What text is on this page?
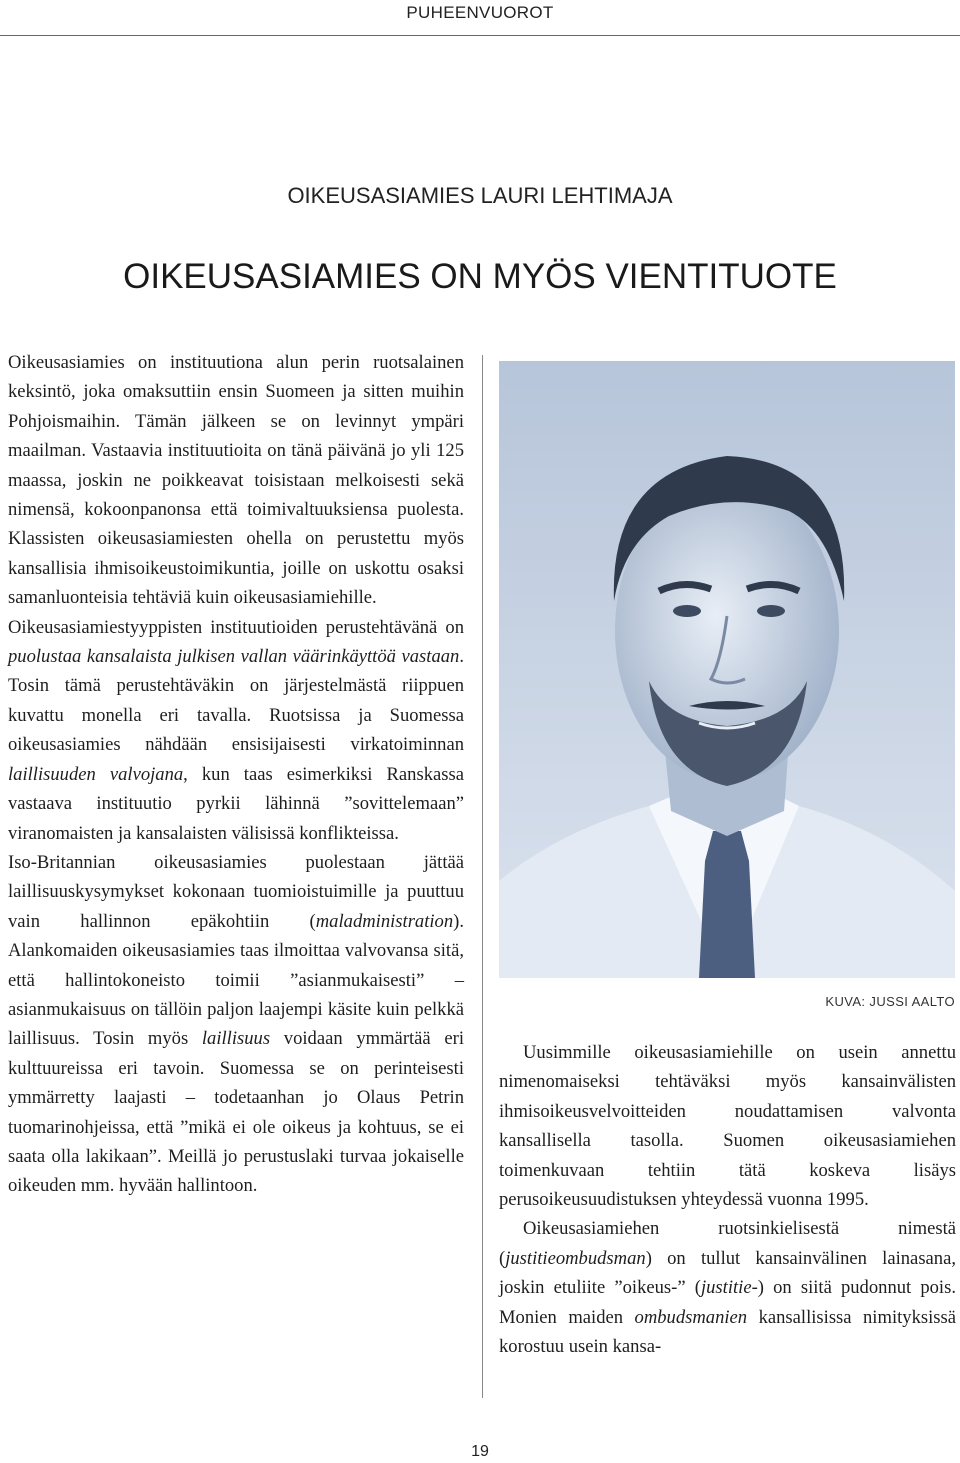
PUHEENVUOROT
OIKEUSASIAMIES LAURI LEHTIMAJA
OIKEUSASIAMIES ON MYÖS VIENTITUOTE

Oikeusasiamies on instituutiona alun perin ruotsalainen keksintö, joka omaksuttiin ensin Suomeen ja sitten muihin Pohjoismaihin. Tämän jälkeen se on levinnyt ympäri maailman. Vastaavia instituutioita on tänä päivänä jo yli 125 maassa, joskin ne poikkeavat toisistaan melkoisesti sekä nimensä, kokoonpanonsa että toimivaltuuksiensa puolesta. Klassisten oikeusasiamiesten ohella on perustettu myös kansallisia ihmisoikeustoimikuntia, joille on uskottu osaksi samanluonteisia tehtäviä kuin oikeusasiamiehille.

Oikeusasiamiestyyppisten instituutioiden perustehtävänä on puolustaa kansalaista julkisen vallan väärinkäyttöä vastaan. Tosin tämä perustehtäväkin on järjestelmästä riippuen kuvattu monella eri tavalla. Ruotsissa ja Suomessa oikeusasiamies nähdään ensisijaisesti virkatoiminnan laillisuuden valvojana, kun taas esimerkiksi Ranskassa vastaava instituutio pyrkii lähinnä ”sovittelemaan” viranomaisten ja kansalaisten välisissä konflikteissa.

Iso-Britannian oikeusasiamies puolestaan jättää laillisuuskysymykset kokonaan tuomioistuimille ja puuttuu vain hallinnon epäkohtiin (maladministration). Alankomaiden oikeusasiamies taas ilmoittaa valvovansa sitä, että hallintokoneisto toimii ”asianmukaisesti” – asianmukaisuus on tällöin paljon laajempi käsite kuin pelkkä laillisuus. Tosin myös laillisuus voidaan ymmärtää eri kulttuureissa eri tavoin. Suomessa se on perinteisesti ymmärretty laajasti – todetaanhan jo Olaus Petrin tuomarinohjeissa, että ”mikä ei ole oikeus ja kohtuus, se ei saata olla lakikaan”. Meillä jo perustuslaki turvaa jokaiselle oikeuden mm. hyvään hallintoon.

KUVA: JUSSI AALTO

Uusimmille oikeusasiamiehille on usein annettu nimenomaiseksi tehtäväksi myös kansainvälisten ihmisoikeusvelvoitteiden noudattamisen valvonta kansallisella tasolla. Suomen oikeusasiamiehen toimenkuvaan tehtiin tätä koskeva lisäys perusoikeusuudistuksen yhteydessä vuonna 1995.

Oikeusasiamiehen ruotsinkielisestä nimestä (justitieombudsman) on tullut kansainvälinen lainasana, joskin etuliite ”oikeus-” (justitie-) on siitä pudonnut pois. Monien maiden ombudsmanien kansallisissa nimityksissä korostuu usein kansa-

19
